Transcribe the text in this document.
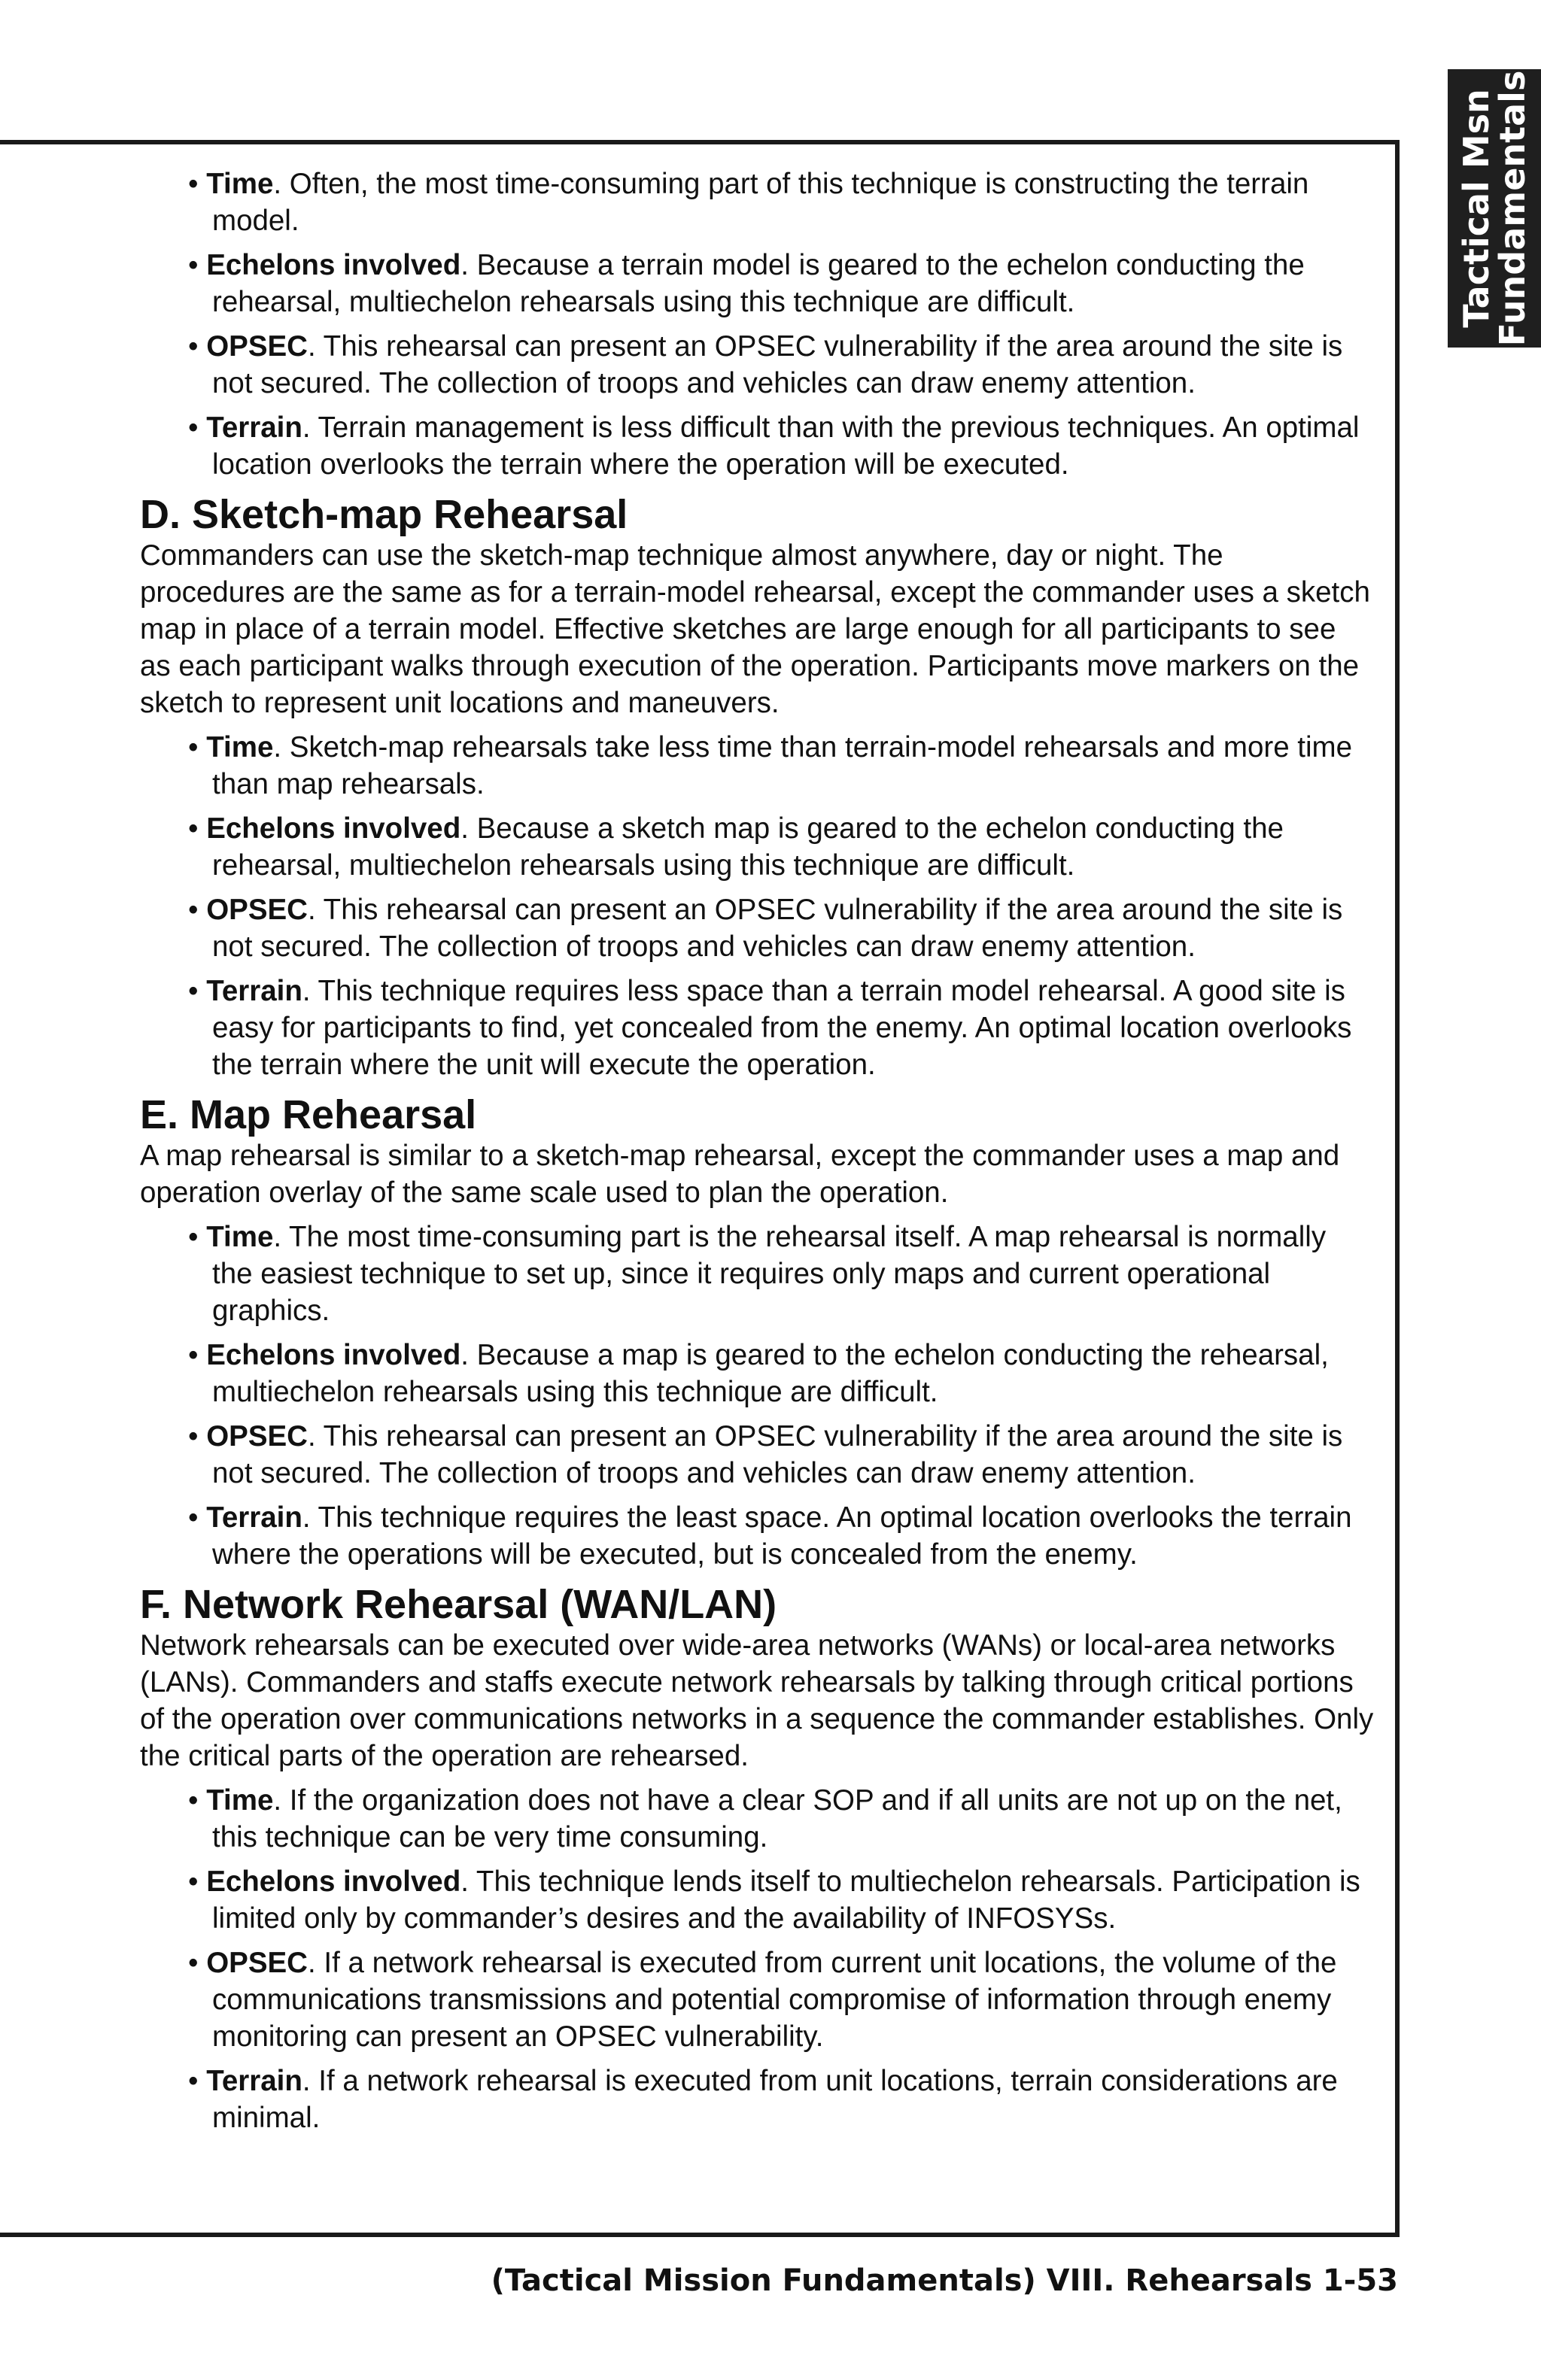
Tactical Msn
Fundamentals

• Time. Often, the most time-consuming part of this technique is constructing the terrain model.

• Echelons involved. Because a terrain model is geared to the echelon conducting the rehearsal, multiechelon rehearsals using this technique are difficult.

• OPSEC. This rehearsal can present an OPSEC vulnerability if the area around the site is not secured. The collection of troops and vehicles can draw enemy attention.

• Terrain. Terrain management is less difficult than with the previous techniques. An optimal location overlooks the terrain where the operation will be executed.

D. Sketch-map Rehearsal

Commanders can use the sketch-map technique almost anywhere, day or night. The procedures are the same as for a terrain-model rehearsal, except the commander uses a sketch map in place of a terrain model. Effective sketches are large enough for all participants to see as each participant walks through execution of the operation. Participants move markers on the sketch to represent unit locations and maneuvers.

• Time. Sketch-map rehearsals take less time than terrain-model rehearsals and more time than map rehearsals.

• Echelons involved. Because a sketch map is geared to the echelon conducting the rehearsal, multiechelon rehearsals using this technique are difficult.

• OPSEC. This rehearsal can present an OPSEC vulnerability if the area around the site is not secured. The collection of troops and vehicles can draw enemy attention.

• Terrain. This technique requires less space than a terrain model rehearsal. A good site is easy for participants to find, yet concealed from the enemy. An optimal location overlooks the terrain where the unit will execute the operation.

E. Map Rehearsal

A map rehearsal is similar to a sketch-map rehearsal, except the commander uses a map and operation overlay of the same scale used to plan the operation.

• Time. The most time-consuming part is the rehearsal itself. A map rehearsal is normally the easiest technique to set up, since it requires only maps and current operational graphics.

• Echelons involved. Because a map is geared to the echelon conducting the rehearsal, multiechelon rehearsals using this technique are difficult.

• OPSEC. This rehearsal can present an OPSEC vulnerability if the area around the site is not secured. The collection of troops and vehicles can draw enemy attention.

• Terrain. This technique requires the least space. An optimal location overlooks the terrain where the operations will be executed, but is concealed from the enemy.

F. Network Rehearsal (WAN/LAN)

Network rehearsals can be executed over wide-area networks (WANs) or local-area networks (LANs). Commanders and staffs execute network rehearsals by talking through critical portions of the operation over communications networks in a sequence the commander establishes. Only the critical parts of the operation are rehearsed.

• Time. If the organization does not have a clear SOP and if all units are not up on the net, this technique can be very time consuming.

• Echelons involved. This technique lends itself to multiechelon rehearsals. Participation is limited only by commander’s desires and the availability of INFOSYSs.

• OPSEC. If a network rehearsal is executed from current unit locations, the volume of the communications transmissions and potential compromise of information through enemy monitoring can present an OPSEC vulnerability.

• Terrain. If a network rehearsal is executed from unit locations, terrain considerations are minimal.

(Tactical Mission Fundamentals) VIII. Rehearsals 1-53
